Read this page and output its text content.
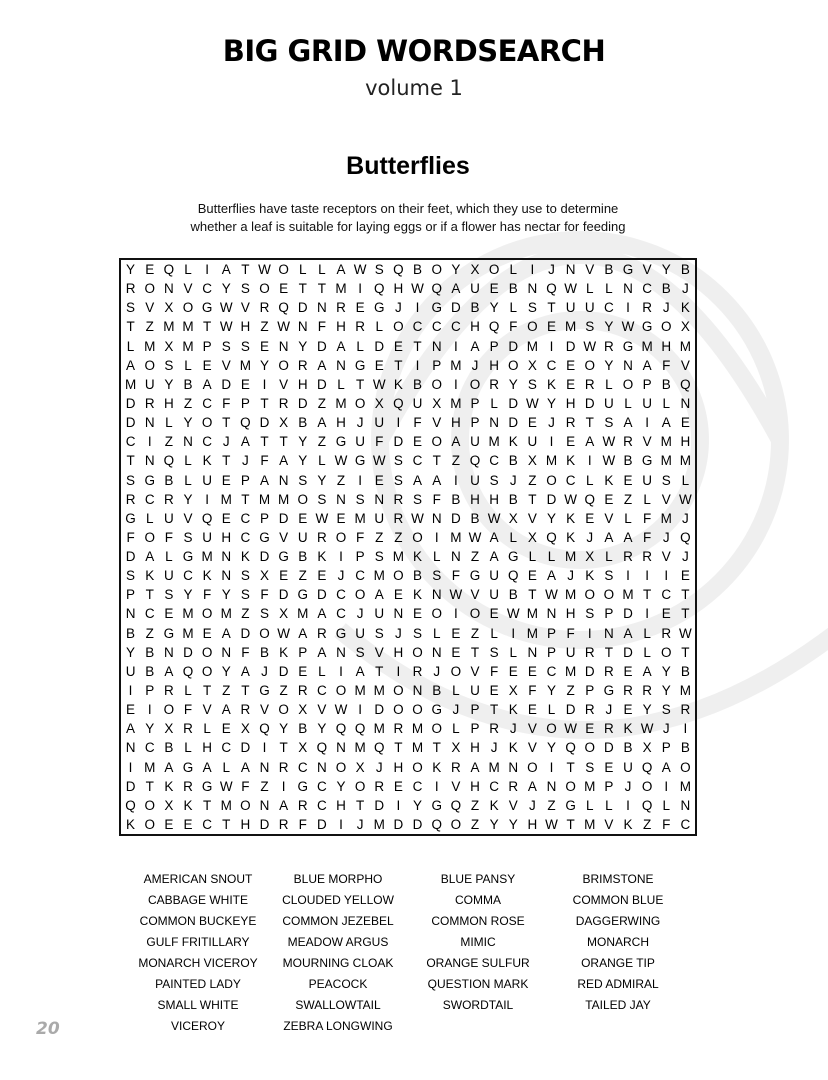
BIG GRID WORDSEARCH
volume 1
Butterflies
Butterflies have taste receptors on their feet, which they use to determine
whether a leaf is suitable for laying eggs or if a flower has nectar for feeding
Y E Q L I A T W O L L A W S Q B O Y X O L I	J N V B G V Y B
R O N V C Y S O E T T M I Q H W Q A U E B N Q W L L N C B J
S V X O G W V R Q D N R E G J	I G D B Y L S T U U C I R J K
T Z M M T W H Z W N F H R L O C C C H Q F O E M S Y W G O X
L M X M P S S E N Y D A L D E T N I A P D M I D W R G M H M
A O S L E V M Y O R A N G E T I P M J H O X C E O Y N A F V
M U Y B A D E I V H D L T W K B O I O R Y S K E R L O P B Q
D R H Z C F P T R D Z M O X Q U X M P L D W Y H D U L U L N
D N L Y O T Q D X B A H J U I F V H P N D E J R T S A I A E
C I Z N C J A T T Y Z G U F D E O A U M K U I E A W R V M H
T N Q L K T J F A Y L W G W S C T Z Q C B X M K I W B G M M
S G B L U E P A N S Y Z I E S A A I U S J Z O C L K E U S L
R C R Y I M T M M O S N S N R S F B H H B T D W Q E Z L V W
G L U V Q E C P D E W E M U R W N D B W X V Y K E V L F M J
F O F S U H C G V U R O F Z Z O I M W A L X Q K J A A F J Q
D A L G M N K D G B K I P S M K L N Z A G L L M X L R R V J
S K U C K N S X E Z E J C M O B S F G U Q E A J K S I	I	I E
P T S Y F Y S F D G D C O A E K N W V U B T W M O O M T C T
N C E M O M Z S X M A C J U N E O I O E W M N H S P D I E T
B Z G M E A D O W A R G U S J S L E Z L	I M P F I N A L R W
Y B N D O N F B K P A N S V H O N E T S L N P U R T D L O T
U B A Q O Y A J D E L	I A T I R J O V F E E C M D R E A Y B
I P R L T Z T G Z R C O M M O N B L U E X F Y Z P G R R Y M
E I O F V A R V O X V W I D O O G J P T K E L D R J E Y S R
A Y X R L E X Q Y B Y Q Q M R M O L P R J V O W E R K W J	I
N C B L H C D I T X Q N M Q T M T X H J K V Y Q O D B X P B
I M A G A L A N R C N O X J H O K R A M N O I T S E U Q A O
D T K R G W F Z I G C Y O R E C I V H C R A N O M P J O I M
Q O X K T M O N A R C H T D I Y G Q Z K V J Z G L L	I Q L N
K O E E C T H D R F D I	J M D D Q O Z Y Y H W T M V K Z F C
AMERICAN SNOUT	BLUE MORPHO	BLUE PANSY	BRIMSTONE
CABBAGE WHITE	CLOUDED YELLOW	COMMA	COMMON BLUE
COMMON BUCKEYE	COMMON JEZEBEL	COMMON ROSE	DAGGERWING
GULF FRITILLARY	MEADOW ARGUS	MIMIC	MONARCH
MONARCH VICEROY	MOURNING CLOAK	ORANGE SULFUR	ORANGE TIP
PAINTED LADY	PEACOCK	QUESTION MARK	RED ADMIRAL
SMALL WHITE	SWALLOWTAIL	SWORDTAIL	TAILED JAY
VICEROY	ZEBRA LONGWING
20
